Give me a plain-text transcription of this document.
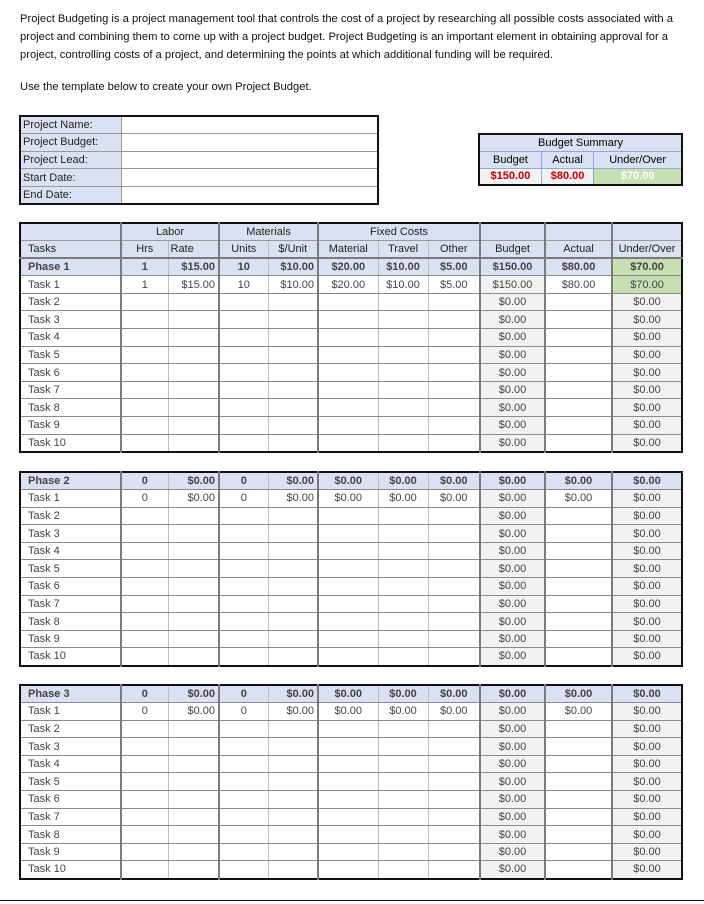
Project Budgeting is a project management tool that controls the cost of a project by researching all possible costs associated with a project and combining them to come up with a project budget. Project Budgeting is an important element in obtaining approval for a project, controlling costs of a project, and determining the points at which additional funding will be required.

Use the template below to create your own Project Budget.

Project Name:	
Project Budget:	
Project Lead:	
Start Date:	
End Date:	
Budget Summary		
Budget	Actual	Under/Over
$150.00	$80.00	$70.00
	Labor		Materials		Fixed Costs					
Tasks	Hrs	Rate	Units	$/Unit	Material	Travel	Other	Budget	Actual	Under/Over
Phase 1	1	$15.00	10	$10.00	$20.00	$10.00	$5.00	$150.00	$80.00	$70.00
Task 1	1	$15.00	10	$10.00	$20.00	$10.00	$5.00	$150.00	$80.00	$70.00
Task 2								$0.00		$0.00
Task 3								$0.00		$0.00
Task 4								$0.00		$0.00
Task 5								$0.00		$0.00
Task 6								$0.00		$0.00
Task 7								$0.00		$0.00
Task 8								$0.00		$0.00
Task 9								$0.00		$0.00
Task 10								$0.00		$0.00
Phase 2	0	$0.00	0	$0.00	$0.00	$0.00	$0.00	$0.00	$0.00	$0.00
Task 1	0	$0.00	0	$0.00	$0.00	$0.00	$0.00	$0.00	$0.00	$0.00
Task 2								$0.00		$0.00
Task 3								$0.00		$0.00
Task 4								$0.00		$0.00
Task 5								$0.00		$0.00
Task 6								$0.00		$0.00
Task 7								$0.00		$0.00
Task 8								$0.00		$0.00
Task 9								$0.00		$0.00
Task 10								$0.00		$0.00
Phase 3	0	$0.00	0	$0.00	$0.00	$0.00	$0.00	$0.00	$0.00	$0.00
Task 1	0	$0.00	0	$0.00	$0.00	$0.00	$0.00	$0.00	$0.00	$0.00
Task 2								$0.00		$0.00
Task 3								$0.00		$0.00
Task 4								$0.00		$0.00
Task 5								$0.00		$0.00
Task 6								$0.00		$0.00
Task 7								$0.00		$0.00
Task 8								$0.00		$0.00
Task 9								$0.00		$0.00
Task 10								$0.00		$0.00
